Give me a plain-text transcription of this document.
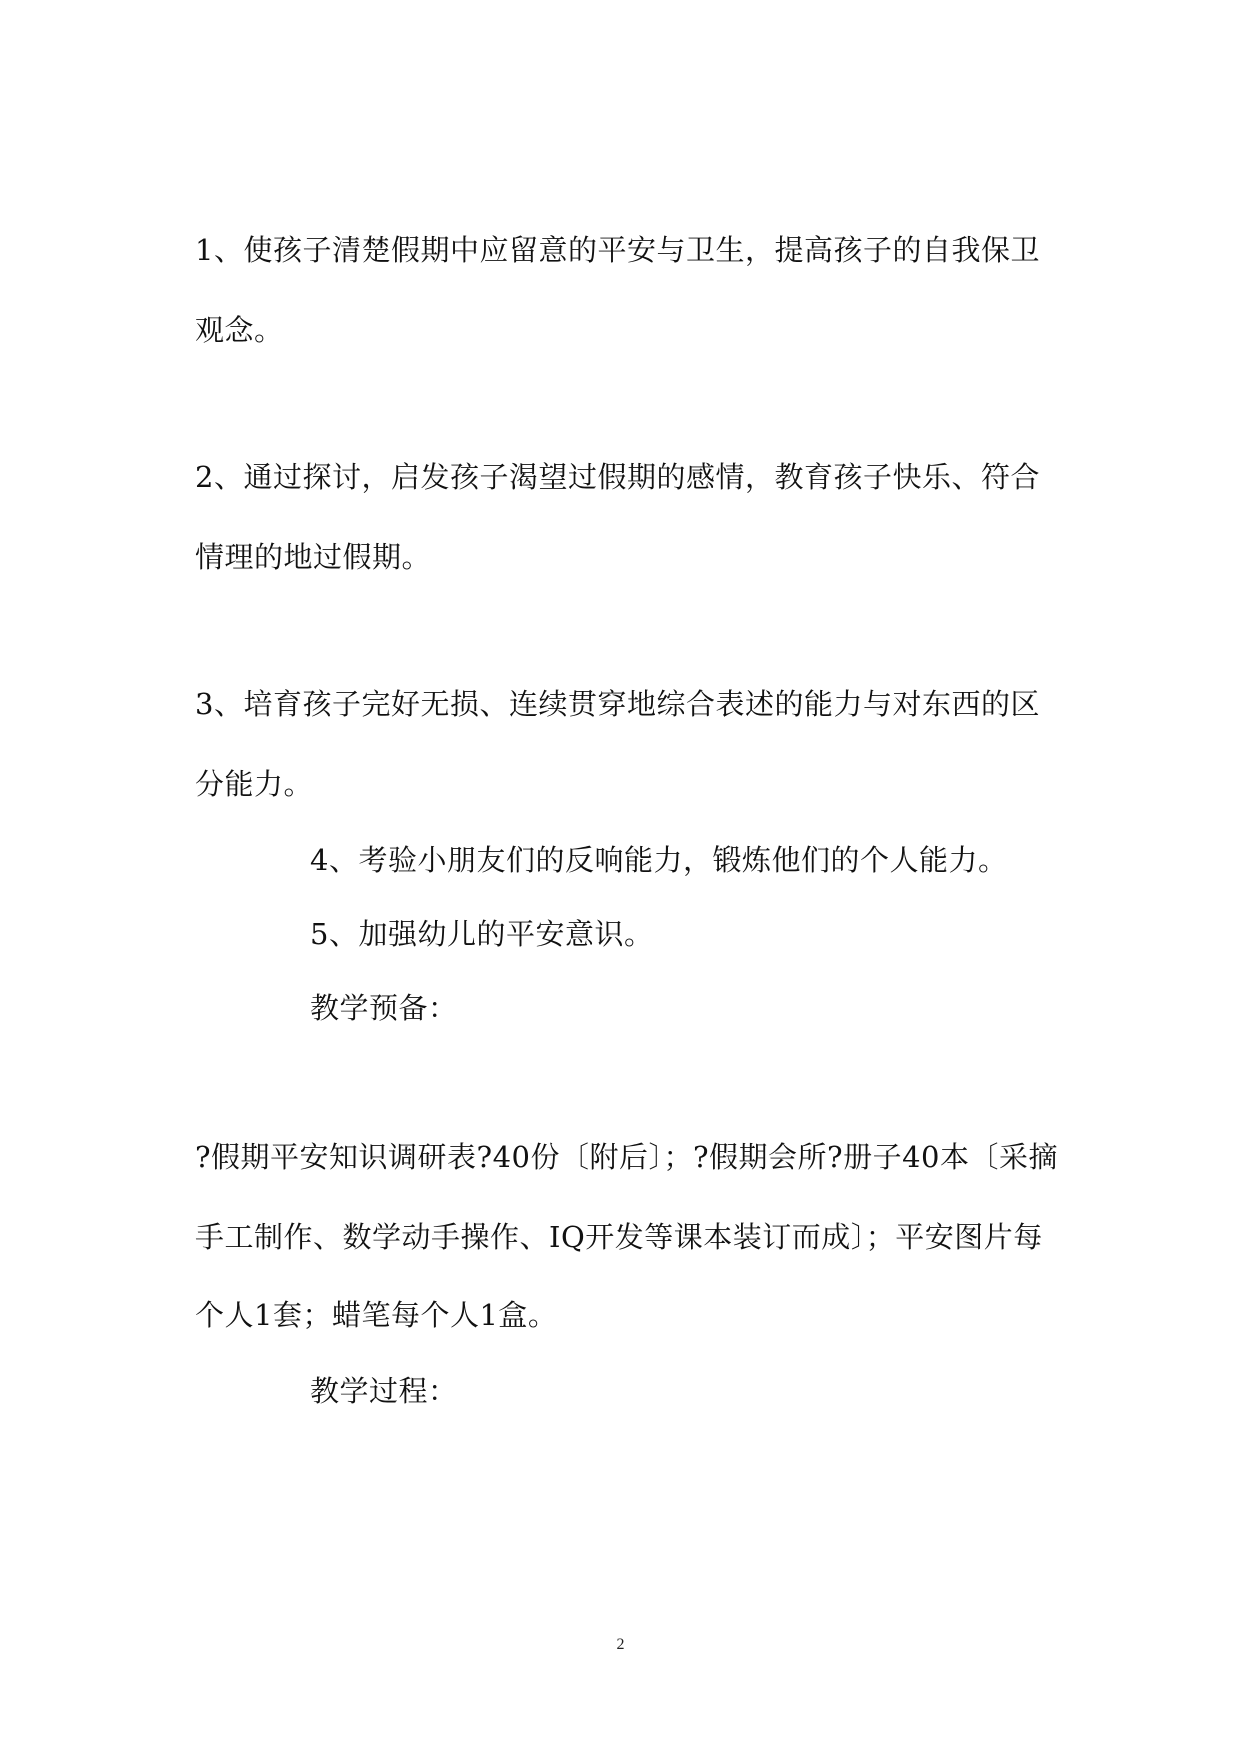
1、使孩子清楚假期中应留意的平安与卫生，提高孩子的自我保卫
观念。
2、通过探讨，启发孩子渴望过假期的感情，教育孩子快乐、符合
情理的地过假期。
3、培育孩子完好无损、连续贯穿地综合表述的能力与对东西的区
分能力。
4、考验小朋友们的反响能力，锻炼他们的个人能力。
5、加强幼儿的平安意识。
教学预备：
?假期平安知识调研表?40份〔附后〕；?假期会所?册子40本〔采摘
手工制作、数学动手操作、IQ开发等课本装订而成〕；平安图片每
个人1套；蜡笔每个人1盒。
教学过程：
2
